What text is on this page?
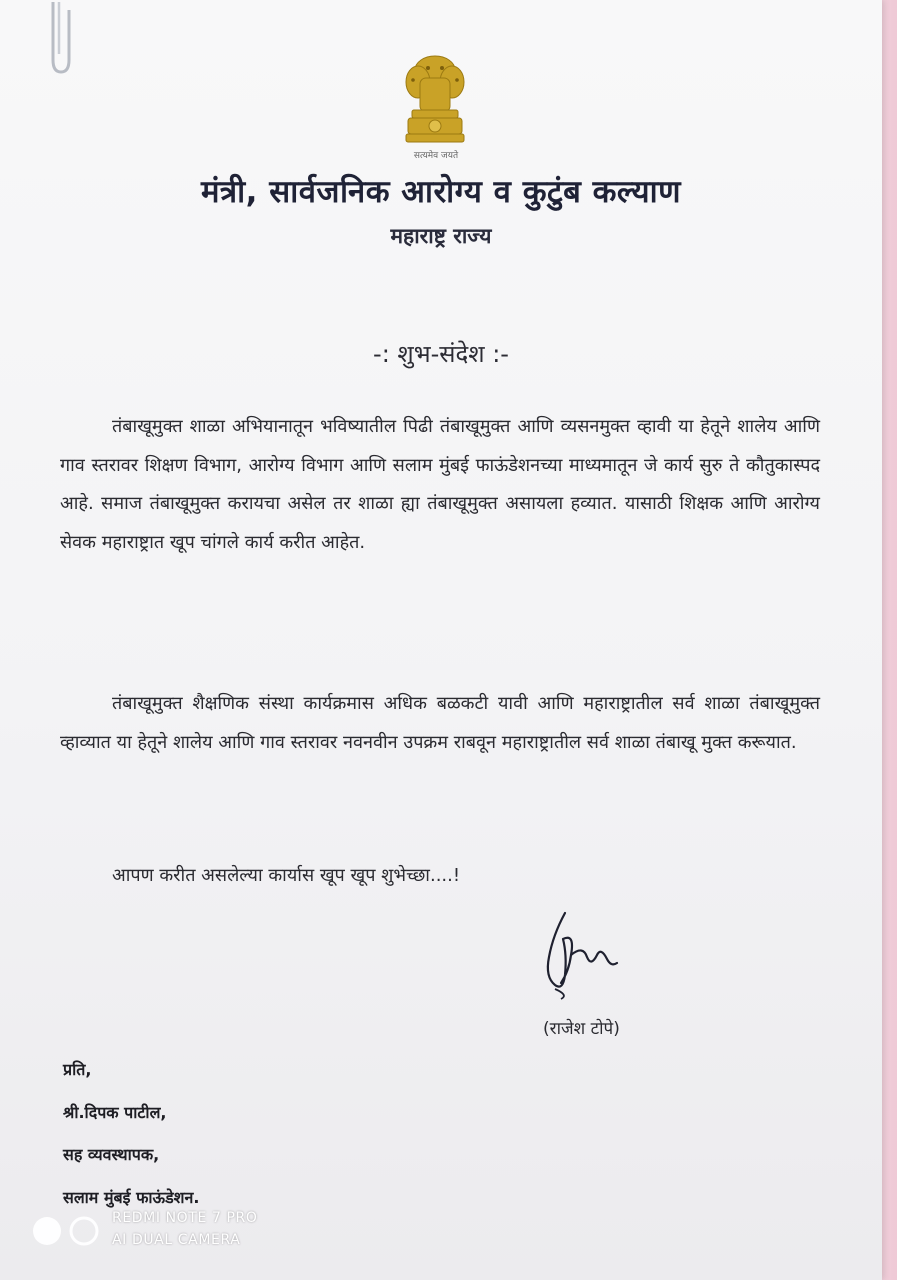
सत्यमेव जयते
मंत्री, सार्वजनिक आरोग्य व कुटुंब कल्याण
महाराष्ट्र राज्य
-: शुभ-संदेश :-

तंबाखूमुक्त शाळा अभियानातून भविष्यातील पिढी तंबाखूमुक्त आणि व्यसनमुक्त व्हावी या हेतूने शालेय आणि गाव स्तरावर शिक्षण विभाग, आरोग्य विभाग आणि सलाम मुंबई फाऊंडेशनच्या माध्यमातून जे कार्य सुरु ते कौतुकास्पद आहे. समाज तंबाखूमुक्त करायचा असेल तर शाळा ह्या तंबाखूमुक्त असायला हव्यात. यासाठी शिक्षक आणि आरोग्य सेवक महाराष्ट्रात खूप चांगले कार्य करीत आहेत.

तंबाखूमुक्त शैक्षणिक संस्था कार्यक्रमास अधिक बळकटी यावी आणि महाराष्ट्रातील सर्व शाळा तंबाखूमुक्त व्हाव्यात या हेतूने शालेय आणि गाव स्तरावर नवनवीन उपक्रम राबवून महाराष्ट्रातील सर्व शाळा तंबाखू मुक्त करूयात.

आपण करीत असलेल्या कार्यास खूप खूप शुभेच्छा....!

(राजेश टोपे)
प्रति,
श्री.दिपक पाटील,
सह व्यवस्थापक,
सलाम मुंबई फाऊंडेशन.
REDMI NOTE 7 PRO
AI DUAL CAMERA
